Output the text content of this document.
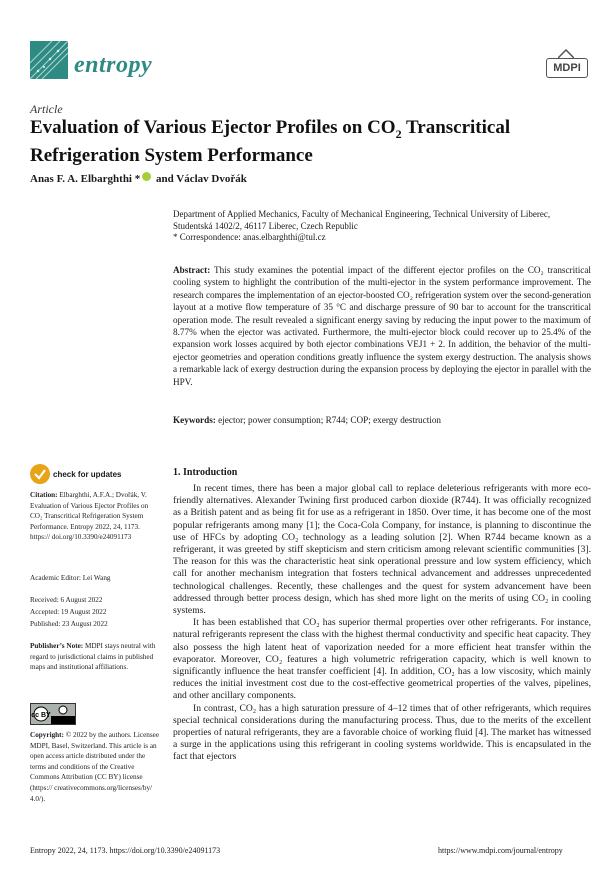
entropy	MDPI
Article
Evaluation of Various Ejector Profiles on $CO_2$ Transcritical Refrigeration System Performance
Anas F. A. Elbarghthi * and Václav Dvořák
Department of Applied Mechanics, Faculty of Mechanical Engineering, Technical University of Liberec,
Studentská 1402/2, 46117 Liberec, Czech Republic
* Correspondence: anas.elbarghthi@tul.cz
Abstract: This study examines the potential impact of the different ejector profiles on the CO₂ transcritical cooling system to highlight the contribution of the multi-ejector in the system performance improvement. The research compares the implementation of an ejector-boosted CO₂ refrigeration system over the second-generation layout at a motive flow temperature of 35 °C and discharge pressure of 90 bar to account for the transcritical operation mode. The result revealed a significant energy saving by reducing the input power to the maximum of 8.77% when the ejector was activated. Furthermore, the multi-ejector block could recover up to 25.4% of the expansion work losses acquired by both ejector combinations VEJ1 + 2. In addition, the behavior of the multi-ejector geometries and operation conditions greatly influence the system exergy destruction. The analysis shows a remarkable lack of exergy destruction during the expansion process by deploying the ejector in parallel with the HPV.
Keywords: ejector; power consumption; R744; COP; exergy destruction
check for updates
Citation: Elbarghthi, A.F.A.; Dvořák, V. Evaluation of Various Ejector Profiles on CO₂ Transcritical Refrigeration System Performance. Entropy 2022, 24, 1173. https:// doi.org/10.3390/e24091173
Academic Editor: Lei Wang
Received: 6 August 2022
Accepted: 19 August 2022
Published: 23 August 2022
Publisher’s Note: MDPI stays neutral with regard to jurisdictional claims in published maps and institutional affiliations.
cc BY
Copyright: © 2022 by the authors. Licensee MDPI, Basel, Switzerland. This article is an open access article distributed under the terms and conditions of the Creative Commons Attribution (CC BY) license (https:// creativecommons.org/licenses/by/ 4.0/).
1. Introduction

In recent times, there has been a major global call to replace deleterious refrigerants with more eco-friendly alternatives. Alexander Twining first produced carbon dioxide (R744). It was officially recognized as a British patent and as being fit for use as a refrigerant in 1850. Over time, it has become one of the most popular refrigerants among many [1]; the Coca-Cola Company, for instance, is planning to discontinue the use of HFCs by adopting CO₂ technology as a leading solution [2]. When R744 became known as a refrigerant, it was greeted by stiff skepticism and stern criticism among relevant scientific communities [3]. The reason for this was the characteristic heat sink operational pressure and low system efficiency, which call for another mechanism integration that fosters technical advancement and addresses unprecedented technological challenges. Recently, these challenges and the quest for system advancement have been addressed through better process design, which has shed more light on the merits of using CO₂ in cooling systems.

It has been established that CO₂ has superior thermal properties over other refrigerants. For instance, natural refrigerants represent the class with the highest thermal conductivity and specific heat capacity. They also possess the high latent heat of vaporization needed for a more efficient heat transfer within the evaporator. Moreover, CO₂ features a high volumetric refrigeration capacity, which is well known to significantly influence the heat transfer coefficient [4]. In addition, CO₂ has a low viscosity, which mainly reduces the initial investment cost due to the cost-effective geometrical properties of the valves, pipelines, and other ancillary components.

In contrast, CO₂ has a high saturation pressure of 4–12 times that of other refrigerants, which requires special technical considerations during the manufacturing process. Thus, due to the merits of the excellent properties of natural refrigerants, they are a favorable choice of working fluid [4]. The market has witnessed a surge in the applications using this refrigerant in cooling systems worldwide. This is encapsulated in the fact that ejectors

Entropy 2022, 24, 1173. https://doi.org/10.3390/e24091173	https://www.mdpi.com/journal/entropy
